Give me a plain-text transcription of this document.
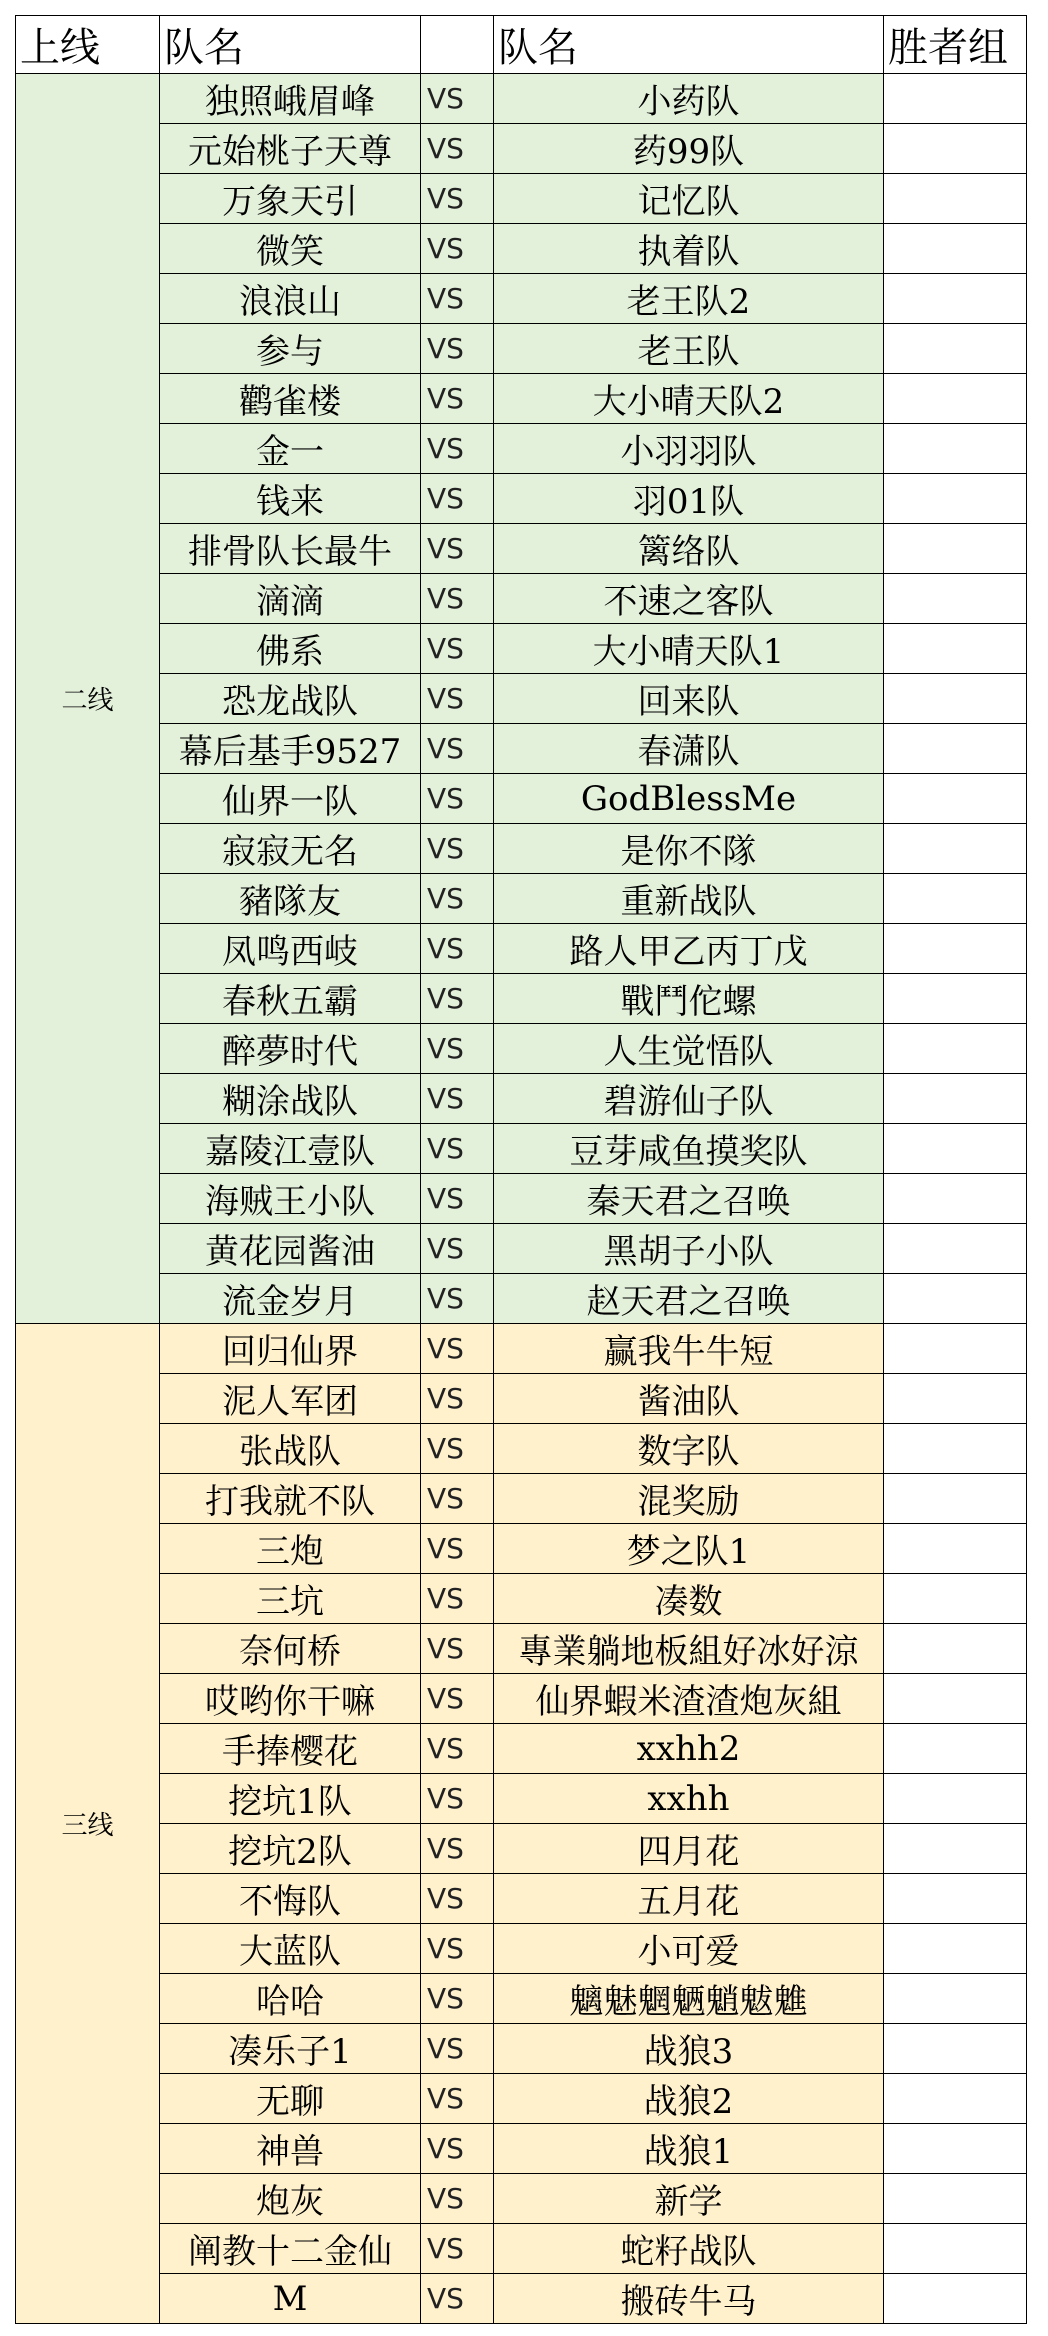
上线	队名		队名	胜者组
二线	独照峨眉峰	VS	小药队	
	元始桃子天尊	VS	药99队	
	万象天引	VS	记忆队	
	微笑	VS	执着队	
	浪浪山	VS	老王队2	
	参与	VS	老王队	
	鹳雀楼	VS	大小晴天队2	
	金一	VS	小羽羽队	
	钱来	VS	羽01队	
	排骨队长最牛	VS	篱络队	
	滴滴	VS	不速之客队	
	佛系	VS	大小晴天队1	
	恐龙战队	VS	回来队	
	幕后基手9527	VS	春潇队	
	仙界一队	VS	GodBlessMe	
	寂寂无名	VS	是你不隊	
	豬隊友	VS	重新战队	
	凤鸣西岐	VS	路人甲乙丙丁戊	
	春秋五霸	VS	戰鬥佗螺	
	醉夢时代	VS	人生觉悟队	
	糊涂战队	VS	碧游仙子队	
	嘉陵江壹队	VS	豆芽咸鱼摸奖队	
	海贼王小队	VS	秦天君之召唤	
	黄花园酱油	VS	黑胡子小队	
	流金岁月	VS	赵天君之召唤	
三线	回归仙界	VS	赢我牛牛短	
	泥人军团	VS	酱油队	
	张战队	VS	数字队	
	打我就不队	VS	混奖励	
	三炮	VS	梦之队1	
	三坑	VS	凑数	
	奈何桥	VS	專業躺地板組好冰好涼	
	哎哟你干嘛	VS	仙界蝦米渣渣炮灰組	
	手捧樱花	VS	xxhh2	
	挖坑1队	VS	xxhh	
	挖坑2队	VS	四月花	
	不悔队	VS	五月花	
	大蓝队	VS	小可爱	
	哈哈	VS	魑魅魍魉魈魃魋	
	凑乐子1	VS	战狼3	
	无聊	VS	战狼2	
	神兽	VS	战狼1	
	炮灰	VS	新学	
	阐教十二金仙	VS	蛇籽战队	
	M	VS	搬砖牛马	
